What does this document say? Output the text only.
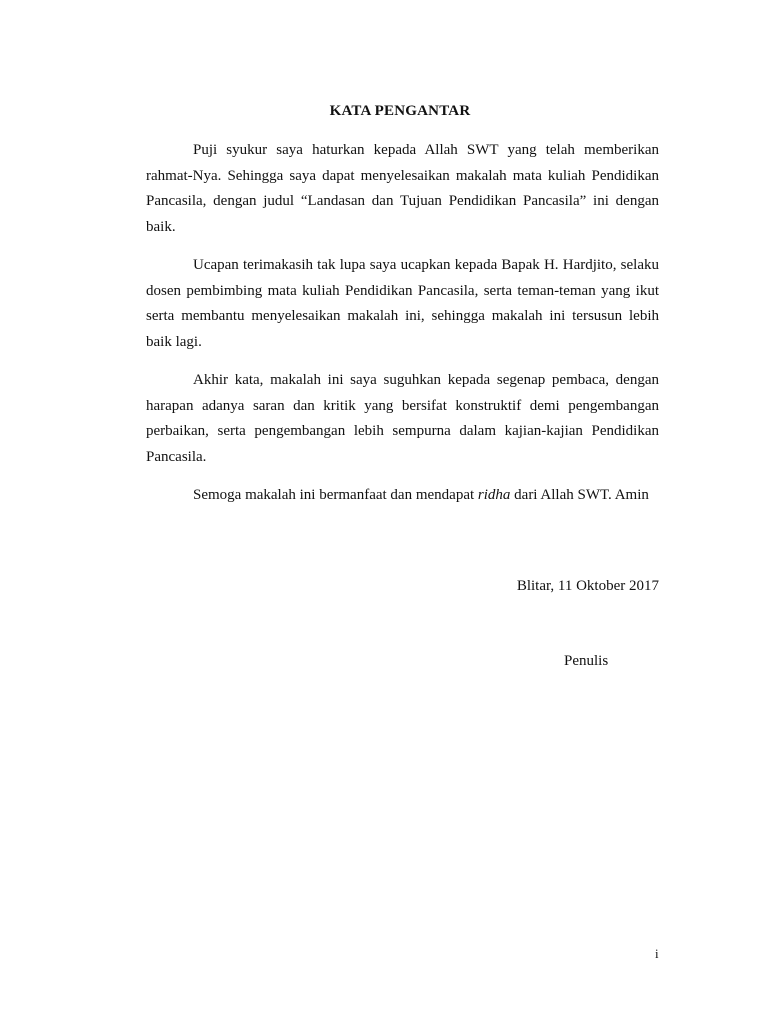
KATA PENGANTAR

Puji syukur saya haturkan kepada Allah SWT yang telah memberikan rahmat-Nya. Sehingga saya dapat menyelesaikan makalah mata kuliah Pendidikan Pancasila, dengan judul “Landasan dan Tujuan Pendidikan Pancasila” ini dengan baik.

Ucapan terimakasih tak lupa saya ucapkan kepada Bapak H. Hardjito, selaku dosen pembimbing mata kuliah Pendidikan Pancasila, serta teman-teman yang ikut serta membantu menyelesaikan makalah ini, sehingga makalah ini tersusun lebih baik lagi.

Akhir kata, makalah ini saya suguhkan kepada segenap pembaca, dengan harapan adanya saran dan kritik yang bersifat konstruktif demi pengembangan perbaikan, serta pengembangan lebih sempurna dalam kajian-kajian Pendidikan Pancasila.

Semoga makalah ini bermanfaat dan mendapat ridha dari Allah SWT. Amin

Blitar, 11 Oktober 2017

Penulis

i
